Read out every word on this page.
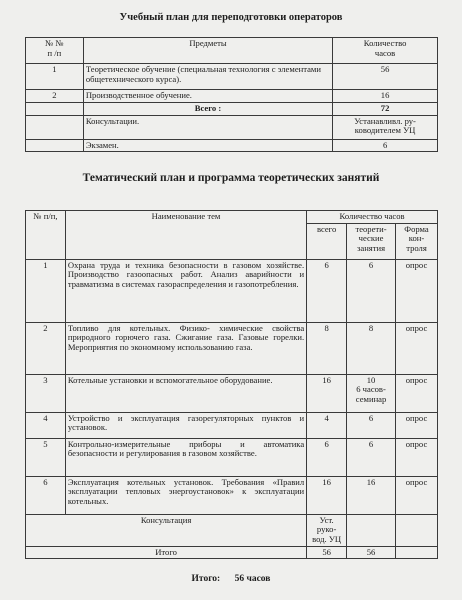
Учебный план для переподготовки операторов
№ №
п /п	Предметы	Количество
часов
1	Теоретическое обучение (специальная технология с элементами общетехнического курса).	56
2	Производственное обучение.	16
	Всего :	72
	Консультации.	Устанавливл. ру-
ководителем УЦ
	Экзамен.	6
Тематический план и программа теоретических занятий
№ п/п,	Наименование тем	Количество часов		
		всего	теорети-
ческие
занятия	Форма
кон-
троля
1	Охрана труда и техника безопасности в газовом хозяйстве. Производство газоопасных работ. Анализ аварийности и травматизма в системах газораспределения и газопотребления.	6	6	опрос
2	Топливо для котельных. Физико- химические свойства природного горючего газа. Сжигание газа. Газовые горелки. Мероприятия по экономному использованию газа.	8	8	опрос
3	Котельные установки и вспомогательное оборудование.	16	10
6 часов-
семинар	опрос
4	Устройство и эксплуатация газорегуляторных пунктов и установок.	4	6	опрос
5	Контрольно-измерительные приборы и автоматика безопасности и регулирования в газовом хозяйстве.	6	6	опрос
6	Эксплуатация котельных установок. Требования «Правил эксплуатации тепловых энергоустановок» к эксплуатации котельных.	16	16	опрос
Консультация		Уст. руко-
вод. УЦ		
Итого		56	56	
Итого: 56 часов
